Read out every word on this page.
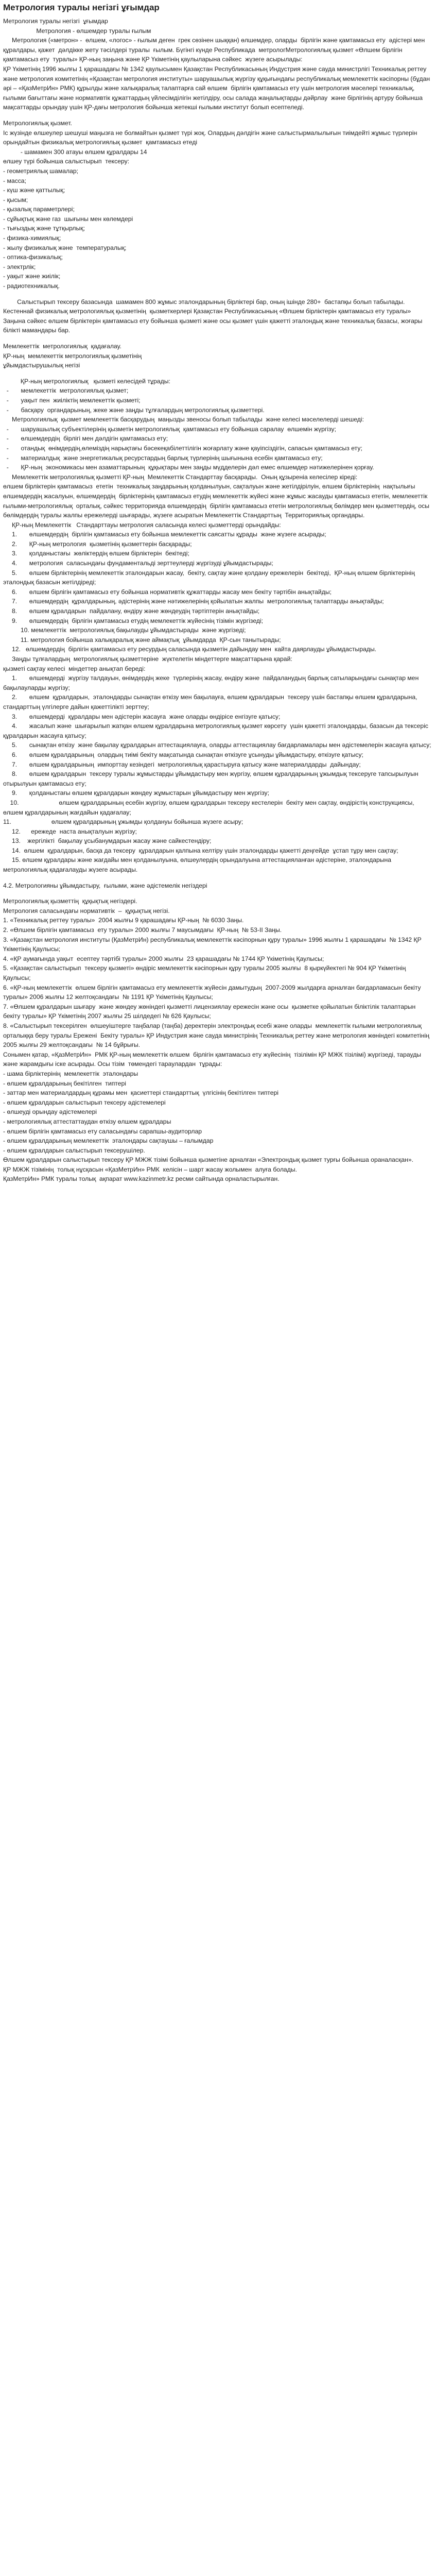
Метрология туралы негізгі ұғымдар

Метрология туралы негізгі  ұғымдар
Метрология - өлшемдер туралы ғылым
Метрология («метрон» -  өлшем, «логос» - ғылым деген  грек сөзінен шыққан) өлшемдер, оларды  бірлігін және қамтамасыз ету  әдістері мен құралдары, қажет  дәлдікке жету тәсілдері туралы  ғылым. Бүгінгі күнде Республикада  метрологМетрологиялық қызмет «Өлшем бірлігін қамтамасыз ету  туралы» ҚР-ның заңына және ҚР Үкіметінің қаулыларына сәйкес  жүзеге асырылады:
ҚР Үкіметінің 1996 жылғы 1 қарашадағы № 1342 қаулысымен Қазақстан Республикасының Индустрия және сауда министрлігі Техникалық реттеу және метрология комитетінің «Қазақстан метрология институты» шаруашылық жүргізу құқығындағы республикалық мемлекеттік кәсіпорны (бұдан әрі – «ҚазМетрИн» РМК) құрылды және халықаралық талаптарға сай өлшем  бірлігін қамтамасыз ету үшін метрология мәселері техникалық, ғылыми бағыттағы және нормативтік құжаттардың үйлесімділігін жетілдіру, осы салада жаңалықтарды дәйрлау  және бірлігінің артуру бойынша мақсаттарды орындау үшін ҚР-дағы метрология бойынша жетекші ғылыми институт болып есептеледі.

Метрологиялық қызмет.
Іс жүзінде өлшеулер шешуші маңызға не болмайтын қызмет түрі жоқ. Олардың дәлдігін және салыстырмалылығын тиімдейті жұмыс түрлерін орындайтын физикалық метрологиялық қызмет  қамтамасыз етеді
- шамамен 300 атауы өлшем құралдары 14
өлшеу түрі бойынша салыстырып  тексеру:
- геометриялық шамалар;
- масса;
- күш және қаттылық;
- қысым;
- қызалық параметрлері;
- сұйықтық және газ  шығыны мен көлемдері
- тығыздық және тұтқырлық;
- физика-химиялық;
- жылу физикалық және  температуралық;
- оптика-физикалық;
- электрлік;
- уақыт және жиілік;
- радиотехникалық.

Салыстырып тексеру базасында  шамамен 800 жұмыс эталондарының бірліктері бар, оның ішінде 280+  бастапқы болып табылады.  Кестеннай физикалық метрологиялық қызметінің  қызметкерлері Қазақстан Республикасының «Өлшем бірліктерін қамтамасыз ету туралы»  Заңына сәйкес өлшем бірліктерін қамтамасыз ету бойынша қызметі және осы қызмет үшін қажетті эталондық және техникалық базасы, жоғары білікті мамандары бар.

Мемлекеттік  метрологиялық  қадағалау.
ҚР-ның  мемлекеттік метрологиялық қызметінің
ұйымдастырушылық негізі

ҚР-ның метрологиялық   қызметі келесідей тұрады:
-       мемлекеттік  метрологиялық қызмет;
-       уақыт пен  жиіліктің мемлекеттік қызметі;
-       басқару  органдарының, жеке және заңды тұлғалардың метрологиялық қызметтері.
Метрологиялық  қызмет мемлекеттік басқарудың  маңызды звеносы болып табылады  және келесі мәселелерді шешеді:
-       шаруашылық субъектілерінің қызметін метрологиялық  қамтамасыз ету бойынша саралау  өлшемін жүргізу;
-       өлшемдердің  бірлігі мен дәлдігін қамтамасыз ету;
-       отандық  өнімдердің,өлеміздің нарықтағы бәсекеқабілеттілігін жоғарлату және қауіпсіздігін, сапасын қамтамасыз ету;
-       материалдық  және энергетикалық ресурстардың барлық түрлерінің шығынына есебін қамтамасыз ету;
-       ҚР-ның  экономикасы мен азаматтарының  құқықтары мен заңды мүдделерін дәл емес өлшемдер нәтижелерінен қорғау.
Мемлекеттік метрологиялық қызметті ҚР-ның  Мемлекеттік Стандарттау басқарады.  Оның құзыреніа келесілер кіреді:
өлшем бірліктерін қамтамасыз  ететін  техникалық заңдарының қолданылуын, сақталуын және жетілдірілуін, өлшем бірліктерінің  нақтылығы өлшемдердің жасалуын, өлшемдердің  бірліктерінің қамтамасыз етудің мемлекеттік жүйесі және жұмыс жасауды қамтамасыз ететін, мемлекеттік ғылыми-метрологиялық  орталық, сәйкес территорияда өлшемдердің  бірлігін қамтамасыз ететін метрологиялық бөлімдер мен қызметтердің, осы  бөлімдердің туралы жалпы ережелерді шығарады, жүзеге асыратын Мемлекеттік Стандарттың  Территориялық органдары.
ҚР-ның Мемлекеттік   Стандарттауы метрология саласында келесі қызметтерді орындайды:
1.       өлшемдердің  бірлігін қамтамасыз ету бойынша мемлекеттік саясатты құрады  және жүзеге асырады;
2.       ҚР-ның метрология  қызметінің қызметтерін басқарады;
3.       қолданыстағы  жөліктердің өлшем бірліктерін  бекітеді;
4.       метрология  саласындағы фундаментальді зерттеулерді жүргізуді ұйымдастырады;
5.       өлшем бірліктерінің мемлекеттік эталондарын жасау,  бекіту, сақтау және қолдану ережелерін  бекітеді,  ҚР-ның өлшем бірліктерінің эталондық базасын жетілдіреді;
6.       өлшем бірлігін қамтамасыз ету бойынша нормативтік құжаттарды жасау мен бекіту тәртібін анықтайды;
7.       өлшемдердің  құралдарының, әдістерінің және нәтижелерінің қойылатын жалпы  метрологиялық талаптарды анықтайды;
8.       өлшем құралдарын  пайдалану, өндіру және жөндеудің тәртіптерін анықтайды;
9.       өлшемдердің  бірлігін қамтамасыз етудің мемлекеттік жүйесінің тізімін жүргізеді;
10. мемлекеттік  метрологиялық бақылауды ұйымдастырады  және жүргізеді;
11. метрология бойынша халықаралық және аймақтық  ұйымдарда  ҚР-сын танытырады;
12.   өлшемдердің  бірлігін қамтамасыз ету ресурдың саласында қызметін дайындау мен  кайта даярлауды ұйымдастырады.
Заңды тұлғалардың  метрологиялық қызметтеріне  жүктелетін міндеттерге мақсаттарына қарай:
қызметі сақтау келесі  міндеттер анықтап береді:
1.       өлшемдерді  жүргізу талдауын, өнімдердің жеке  түрлерінің жасау, өндіру және  пайдаланудың барлық сатыларындағы сынақтар мен бақылауларды жүргізу;
2.       өлшем  құралдарын,  эталондарды сынақтан өткізу мен бақылауға, өлшем құралдарын  тексеру үшін бастапқы өлшем құралдарына, стандарттың үлгілерге дайын қажеттілікті зерттеу;
3.       өлшемдерді  құралдары мен әдістерін жасауға  және оларды өндірісе енгізуге қатысу;
4.       жасалып және  шығарылып жатқан өлшем құралдарына метрологиялық қызмет көрсету  үшін қажетті эталондарды, базасын да тексеріс құралдарын жасауға қатысу;
5.       сынақтан өткізу  және бақылау құралдарын аттестациялауға, оларды аттестациялау бағдарламалары мен әдістемелерін жасауға қатысу;
6.       өлшем құралдарының  олардың тиімі бекіту мақсатында сынақтан өткізуге ұсынуды ұйымдастыру, өткізуге қатысу;
7.       өлшем құралдарының  импорттау кезіндегі  метрологиялық қарастыруға қатысу және материалдарды  дайындау;
8.       өлшем құралдарын  тексеру туралы жұмыстарды ұйымдастыру мен жүргізу, өлшем құралдарының ұжымдық тексеруге тапсырылуын отырылуын қамтамасыз ету;
9.       қолданыстағы өлшем құралдарын жөндеу жұмыстарын ұйымдастыру мен жүргізу;
10.                       өлшем құралдарының есебін жүргізу, өлшем құралдарын тексеру кестелерін  бекіту мен сақтау, өндірістің конструкциясы, өлшем құралдарының жағдайын қадағалау;
11.                       өлшем құралдарының ұжымды қолдануы бойынша жүзеге асыру;
12.      ережеде  наста анықталуын жүргізу;
13.    жергілікті  бақылау ұсыбанумдарын жасау және сайкестендіру;
14.  өлшем  құралдарын, басқа да тексеру  құралдарын қалпына келтіру үшін эталондарды қажетті деңгейде  ұстап тұру мен сақтау;
15. өлшем құралдары және жағдайы мен қолданылуына, өлшеулердің орындалуына аттестацияланған әдістеріне, эталондарына метрологиялық қадағалауды жүзеге асырады.

4.2. Метрологияны ұйымдастыру,  ғылыми, және әдістемелік негіздері

Метрологиялық қызметтің  құқықтық негіздері.
Метрология саласындағы нормативтік  –  құқықтық негізі.
1. «Техникалық реттеу туралы»  2004 жылғы 9 қарашадағы ҚР-ның  № 6030 Заңы.
2. «Өлшем бірлігін қамтамасыз  ету туралы» 2000 жылғы 7 маусымдағы  ҚР-ның  № 53-ІІ Заңы.
3. «Қазақстан метрология институты (ҚазМетрИн) республикалық мемлекеттік кәсіпорнын құру туралы» 1996 жылғы 1 қарашадағы  № 1342 ҚР Үкіметінің Қаулысы;
4. «ҚР аумағында уақыт  есептеу тәртібі туралы» 2000 жылғы  23 қарашадағы № 1744 ҚР Үкіметінің Қаулысы;
5. «Қазақстан салыстырып  тексеру қызметі» өндіріс мемлекеттік кәсіпорнын құру туралы 2005 жылғы  8 қыркүйектегі № 904 ҚР Үкіметінің Қаулысы;
6. «ҚР-ның мемлекеттік  өлшем бірлігін қамтамасыз ету мемлекеттік жүйесін дамытудың  2007-2009 жылдарға арналған бағдарламасын бекіту туралы» 2006 жылғы 12 желтоқсандағы  № 1191 ҚР Үкіметінің Қаулысы;
7. «Өлшем құралдарын шығару  және жөндеу жөніндегі қызметті лицензиялау ережесін және осы  қызметке қойылатын біліктілік талаптарын бекіту туралы» ҚР Үкіметінің 2007 жылғы 25 шілдедегі № 626 Қаулысы;
8. «Салыстырып тексерілген  өлшеуіштерге таңбалар (таңба) деректерін электрондық есебі және оларды  мемлекеттік ғылыми метрологиялық орталыққа беру туралы Ережені  Бекіту туралы» ҚР Индустрия және сауда министрінің Техникалық реттеу және метрология жөніндегі комитетінің 2005 жылғы 29 желтоқсандағы  № 14 бұйрығы.
Сонымен қатар, «ҚазМетрИн»  РМК ҚР-ның мемлекеттік өлшем  бірлігін қамтамасыз ету жүйесінің  тізілімін ҚР МЖК тізілімі) жүргізеді, тарауды және жарамдығы іске асырады. Осы тізім  төмендегі тараулардан  тұрады:
- шама бірліктерінің  мемлекеттік  эталондары
- өлшем құралдарының бекітілген  типтері
- заттар мен материалдардың құрамы мен  қасиеттері стандарттық  үлгісінің бекітілген типтері
- өлшем құралдарын салыстырып тексеру әдістемелері
- өлшеуді орындау әдістемелері
- метрологиялық аттестаттаудан өткізу өлшем құралдары
- өлшем бірлігін қамтамасыз ету саласындағы сарапшы-аудиторлар
- өлшем құралдарының мемлекеттік  эталондары сақтаушы – ғалымдар
- өлшем құралдарын салыстырып тексерушілер.
Өлшем құралдарын салыстырып тексеру ҚР МЖЖ тізімі бойынша қызметіне арналған «Электрондық қызмет турғы бойынша ораналасқан».
ҚР МЖЖ тізімінің  толық нұсқасын «ҚазМетрИн» РМК  келісін – шарт жасау жолымен  алуға болады.
ҚазМетрИн» РМК туралы толық  ақпарат www.kazinmetr.kz ресми сайтында орналастырылған.
